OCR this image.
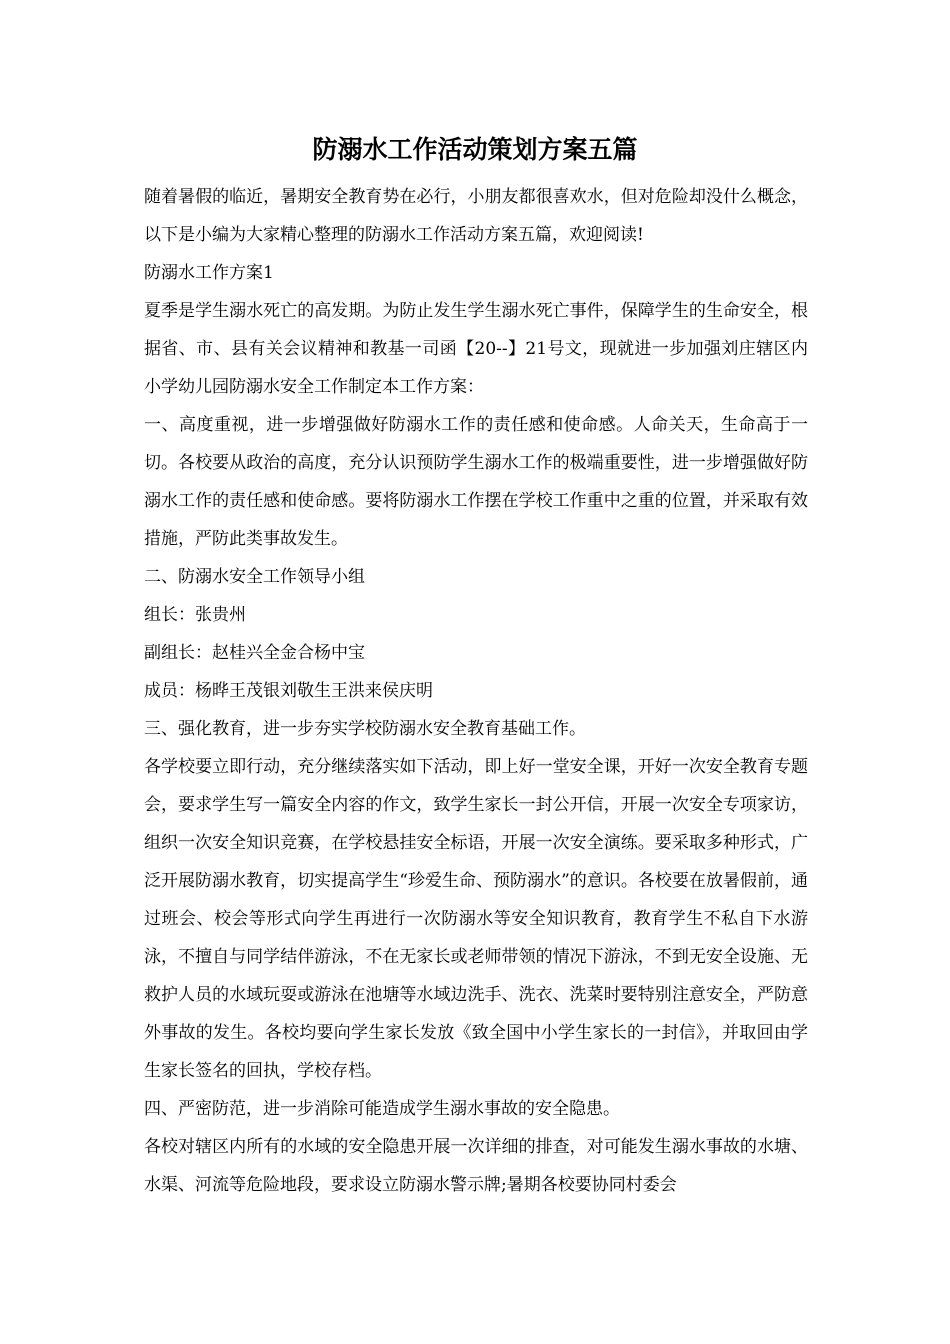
防溺水工作活动策划方案五篇

随着暑假的临近，暑期安全教育势在必行，小朋友都很喜欢水，但对危险却没什么概念，以下是小编为大家精心整理的防溺水工作活动方案五篇，欢迎阅读!

防溺水工作方案1

夏季是学生溺水死亡的高发期。为防止发生学生溺水死亡事件，保障学生的生命安全，根据省、市、县有关会议精神和教基一司函【20--】21号文，现就进一步加强刘庄辖区内小学幼儿园防溺水安全工作制定本工作方案：

一、高度重视，进一步增强做好防溺水工作的责任感和使命感。人命关天，生命高于一切。各校要从政治的高度，充分认识预防学生溺水工作的极端重要性，进一步增强做好防溺水工作的责任感和使命感。要将防溺水工作摆在学校工作重中之重的位置，并采取有效措施，严防此类事故发生。

二、防溺水安全工作领导小组

组长：张贵州

副组长：赵桂兴全金合杨中宝

成员：杨晔王茂银刘敬生王洪来侯庆明

三、强化教育，进一步夯实学校防溺水安全教育基础工作。

各学校要立即行动，充分继续落实如下活动，即上好一堂安全课，开好一次安全教育专题会，要求学生写一篇安全内容的作文，致学生家长一封公开信，开展一次安全专项家访，组织一次安全知识竞赛，在学校悬挂安全标语，开展一次安全演练。要采取多种形式，广泛开展防溺水教育，切实提高学生“珍爱生命、预防溺水”的意识。各校要在放暑假前，通过班会、校会等形式向学生再进行一次防溺水等安全知识教育，教育学生不私自下水游泳，不擅自与同学结伴游泳，不在无家长或老师带领的情况下游泳，不到无安全设施、无救护人员的水域玩耍或游泳在池塘等水域边洗手、洗衣、洗菜时要特别注意安全，严防意外事故的发生。各校均要向学生家长发放《致全国中小学生家长的一封信》，并取回由学生家长签名的回执，学校存档。

四、严密防范，进一步消除可能造成学生溺水事故的安全隐患。

各校对辖区内所有的水域的安全隐患开展一次详细的排查，对可能发生溺水事故的水塘、水渠、河流等危险地段，要求设立防溺水警示牌;暑期各校要协同村委会
